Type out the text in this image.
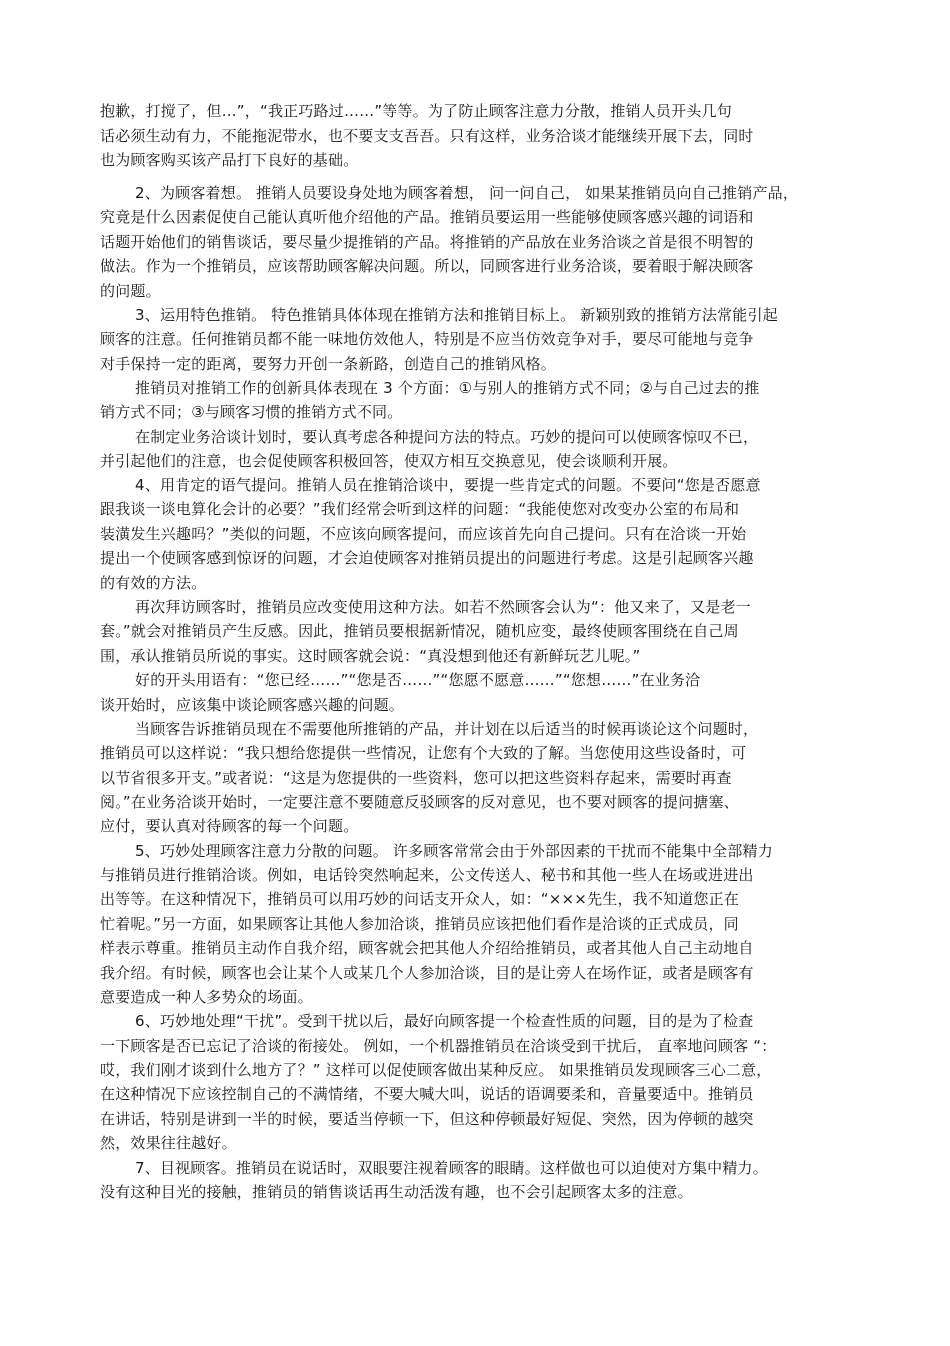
抱歉，打搅了，但…”，“我正巧路过……”等等。为了防止顾客注意力分散，推销人员开头几句
话必须生动有力，不能拖泥带水，也不要支支吾吾。只有这样，业务洽谈才能继续开展下去，同时
也为顾客购买该产品打下良好的基础。
2、为顾客着想。 推销人员要设身处地为顾客着想， 问一问自己， 如果某推销员向自己推销产品，
究竟是什么因素促使自己能认真听他介绍他的产品。推销员要运用一些能够使顾客感兴趣的词语和
话题开始他们的销售谈话，要尽量少提推销的产品。将推销的产品放在业务洽谈之首是很不明智的
做法。作为一个推销员，应该帮助顾客解决问题。所以，同顾客进行业务洽谈，要着眼于解决顾客
的问题。
3、运用特色推销。 特色推销具体体现在推销方法和推销目标上。 新颖别致的推销方法常能引起
顾客的注意。任何推销员都不能一味地仿效他人，特别是不应当仿效竞争对手，要尽可能地与竞争
对手保持一定的距离，要努力开创一条新路，创造自己的推销风格。
推销员对推销工作的创新具体表现在 3 个方面：①与别人的推销方式不同；②与自己过去的推
销方式不同；③与顾客习惯的推销方式不同。
在制定业务洽谈计划时，要认真考虑各种提问方法的特点。巧妙的提问可以使顾客惊叹不已，
并引起他们的注意，也会促使顾客积极回答，使双方相互交换意见，使会谈顺利开展。
4、用肯定的语气提问。推销人员在推销洽谈中，要提一些肯定式的问题。不要问“您是否愿意
跟我谈一谈电算化会计的必要？”我们经常会听到这样的问题：“我能使您对改变办公室的布局和
装潢发生兴趣吗？”类似的问题，不应该向顾客提问，而应该首先向自己提问。只有在洽谈一开始
提出一个使顾客感到惊讶的问题，才会迫使顾客对推销员提出的问题进行考虑。这是引起顾客兴趣
的有效的方法。
再次拜访顾客时，推销员应改变使用这种方法。如若不然顾客会认为“：他又来了，又是老一
套。”就会对推销员产生反感。因此，推销员要根据新情况，随机应变，最终使顾客围绕在自己周
围，承认推销员所说的事实。这时顾客就会说：“真没想到他还有新鲜玩艺儿呢。”
好的开头用语有：“您已经……”“您是否……”“您愿不愿意……”“您想……”在业务洽
谈开始时，应该集中谈论顾客感兴趣的问题。
当顾客告诉推销员现在不需要他所推销的产品，并计划在以后适当的时候再谈论这个问题时，
推销员可以这样说：“我只想给您提供一些情况，让您有个大致的了解。当您使用这些设备时，可
以节省很多开支。”或者说：“这是为您提供的一些资料，您可以把这些资料存起来，需要时再查
阅。”在业务洽谈开始时，一定要注意不要随意反驳顾客的反对意见，也不要对顾客的提问搪塞、
应付，要认真对待顾客的每一个问题。
5、巧妙处理顾客注意力分散的问题。 许多顾客常常会由于外部因素的干扰而不能集中全部精力
与推销员进行推销洽谈。例如，电话铃突然响起来，公文传送人、秘书和其他一些人在场或进进出
出等等。在这种情况下，推销员可以用巧妙的问话支开众人，如：“×××先生，我不知道您正在
忙着呢。”另一方面，如果顾客让其他人参加洽谈，推销员应该把他们看作是洽谈的正式成员，同
样表示尊重。推销员主动作自我介绍，顾客就会把其他人介绍给推销员，或者其他人自己主动地自
我介绍。有时候，顾客也会让某个人或某几个人参加洽谈，目的是让旁人在场作证，或者是顾客有
意要造成一种人多势众的场面。
6、巧妙地处理“干扰”。受到干扰以后，最好向顾客提一个检查性质的问题，目的是为了检查
一下顾客是否已忘记了洽谈的衔接处。 例如，一个机器推销员在洽谈受到干扰后， 直率地问顾客 “：
哎，我们刚才谈到什么地方了？” 这样可以促使顾客做出某种反应。 如果推销员发现顾客三心二意，
在这种情况下应该控制自己的不满情绪，不要大喊大叫，说话的语调要柔和，音量要适中。推销员
在讲话，特别是讲到一半的时候，要适当停顿一下，但这种停顿最好短促、突然，因为停顿的越突
然，效果往往越好。
7、目视顾客。推销员在说话时，双眼要注视着顾客的眼睛。这样做也可以迫使对方集中精力。
没有这种目光的接触，推销员的销售谈话再生动活泼有趣，也不会引起顾客太多的注意。
